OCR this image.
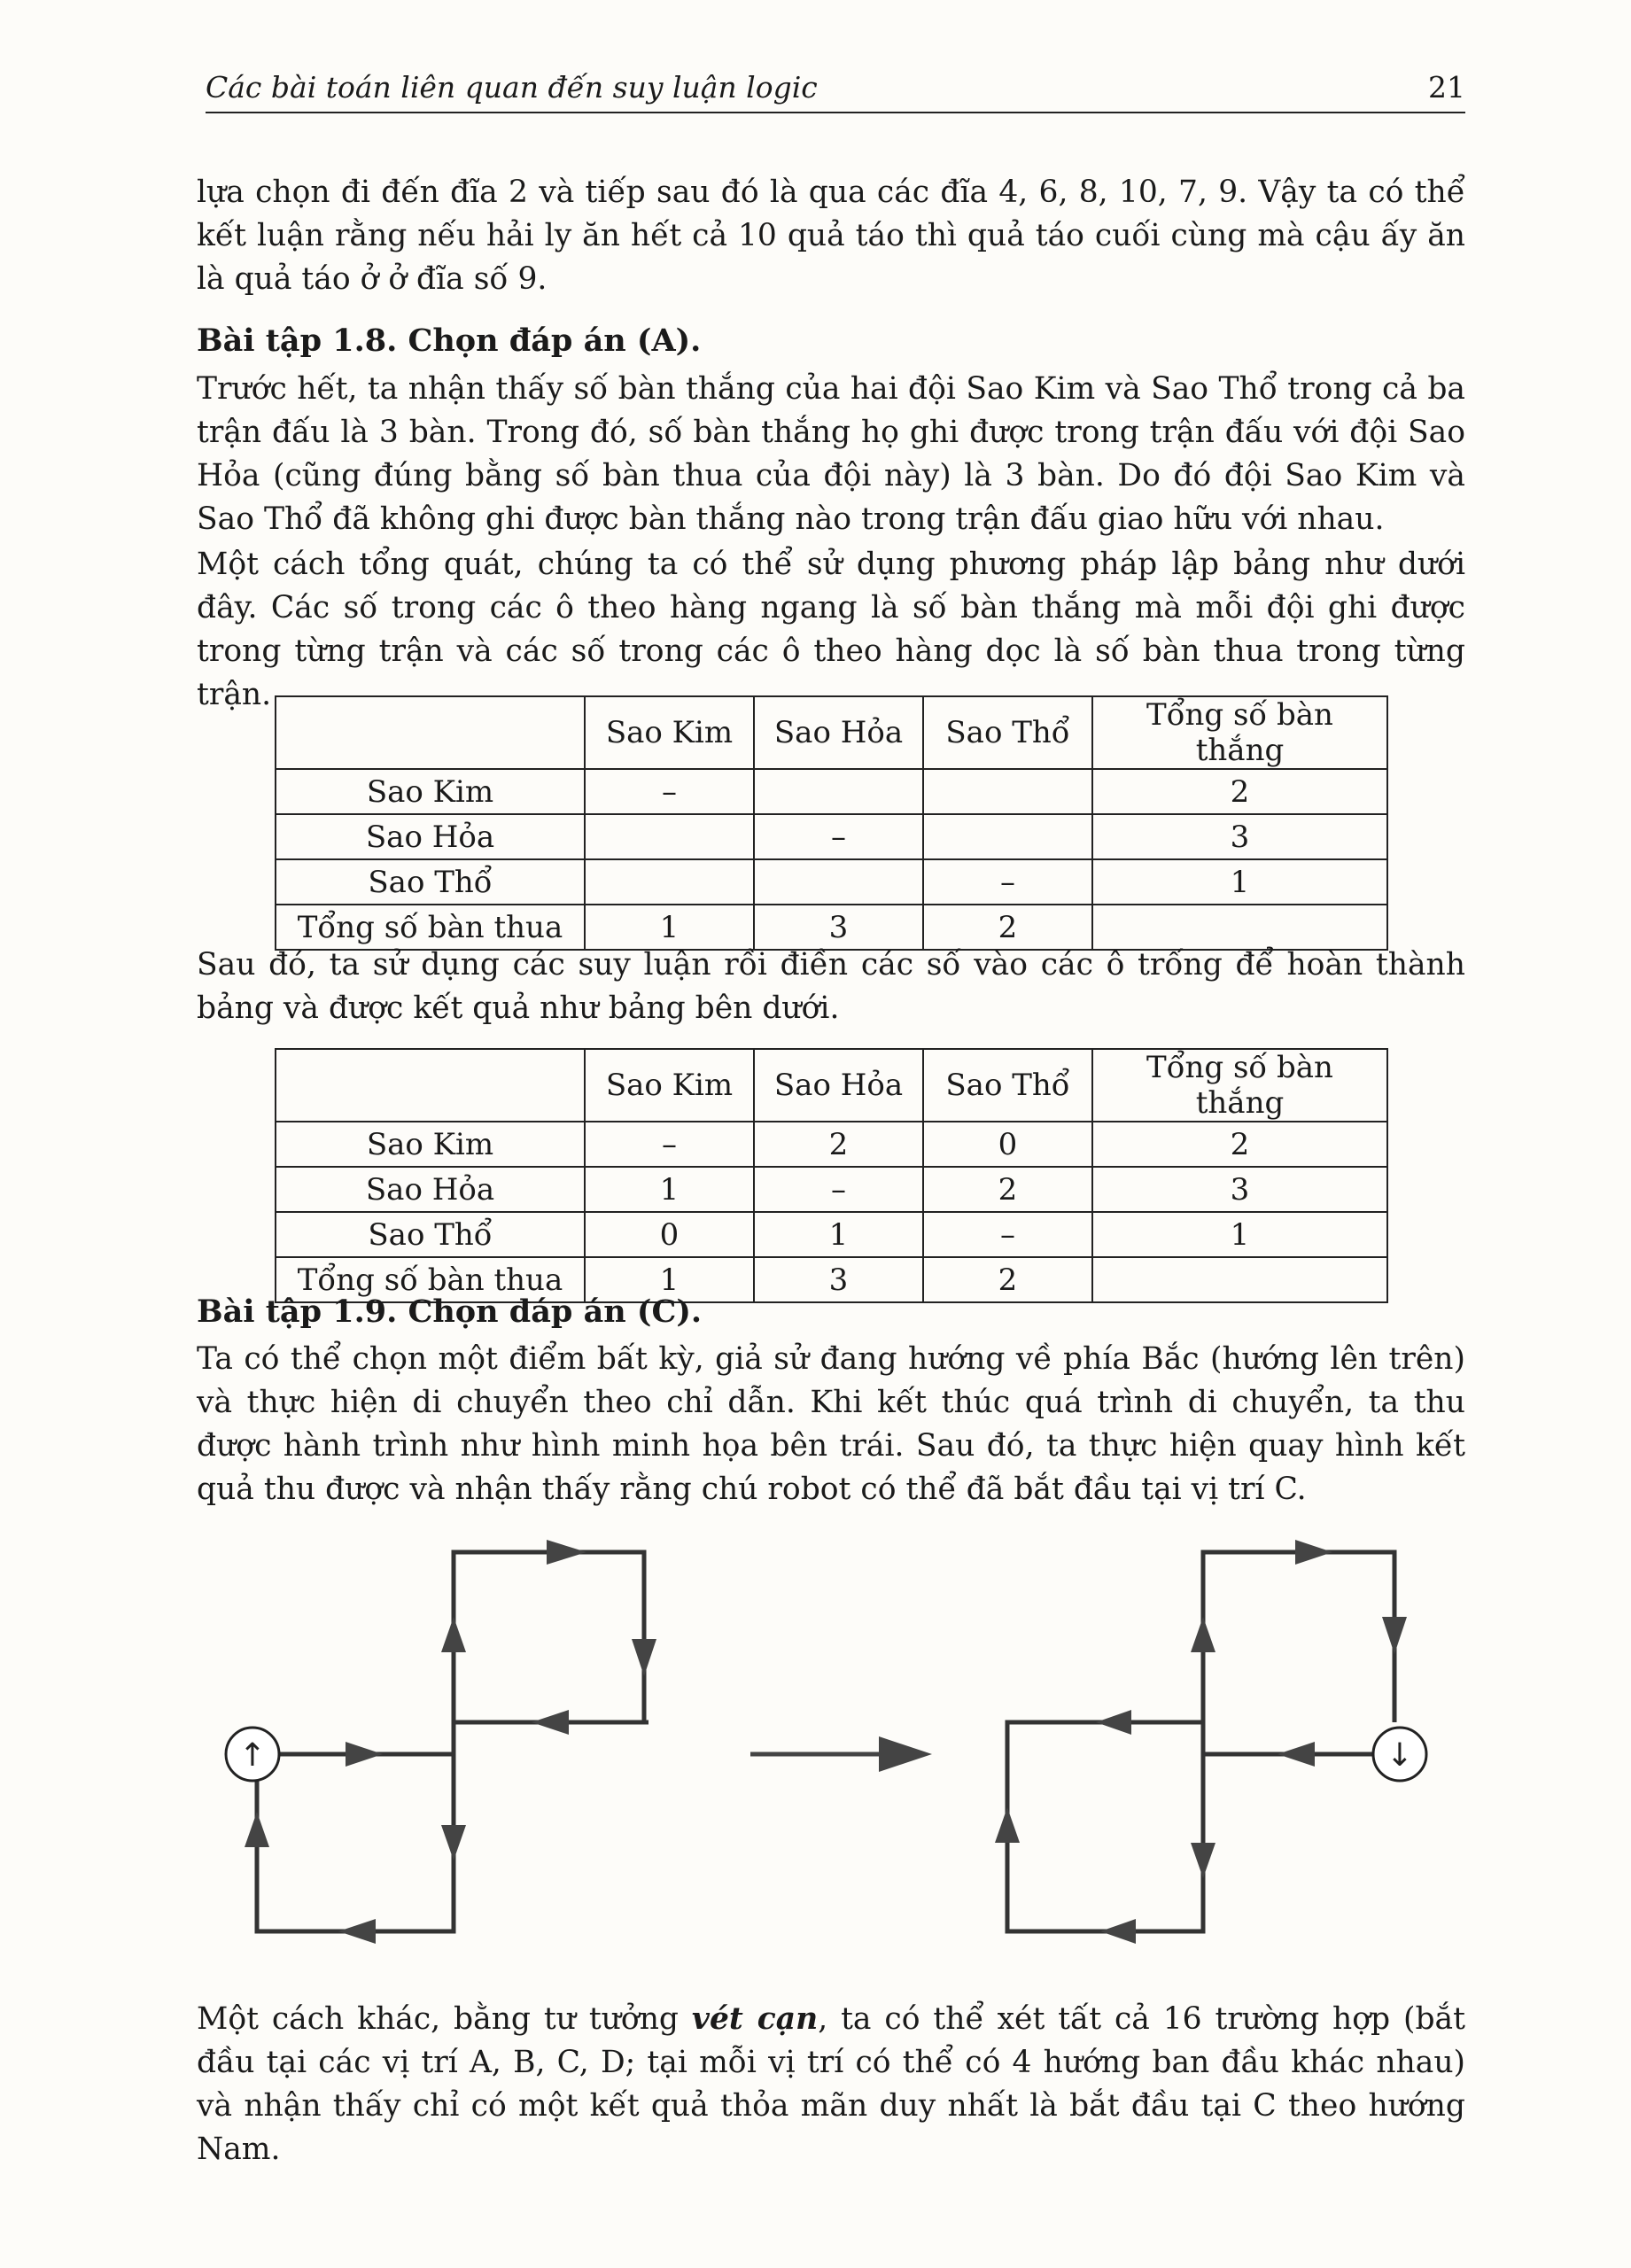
Các bài toán liên quan đến suy luận logic	21

lựa chọn đi đến đĩa 2 và tiếp sau đó là qua các đĩa 4, 6, 8, 10, 7, 9. Vậy ta có thể kết luận rằng nếu hải ly ăn hết cả 10 quả táo thì quả táo cuối cùng mà cậu ấy ăn là quả táo ở ở đĩa số 9.

Bài tập 1.8. Chọn đáp án (A).

Trước hết, ta nhận thấy số bàn thắng của hai đội Sao Kim và Sao Thổ trong cả ba trận đấu là 3 bàn. Trong đó, số bàn thắng họ ghi được trong trận đấu với đội Sao Hỏa (cũng đúng bằng số bàn thua của đội này) là 3 bàn. Do đó đội Sao Kim và Sao Thổ đã không ghi được bàn thắng nào trong trận đấu giao hữu với nhau.

Một cách tổng quát, chúng ta có thể sử dụng phương pháp lập bảng như dưới đây. Các số trong các ô theo hàng ngang là số bàn thắng mà mỗi đội ghi được trong từng trận và các số trong các ô theo hàng dọc là số bàn thua trong từng trận.

	Sao Kim	Sao Hỏa	Sao Thổ	Tổng số bàn thắng
Sao Kim	–			2
Sao Hỏa		–		3
Sao Thổ			–	1
Tổng số bàn thua	1	3	2	

Sau đó, ta sử dụng các suy luận rồi điền các số vào các ô trống để hoàn thành bảng và được kết quả như bảng bên dưới.

	Sao Kim	Sao Hỏa	Sao Thổ	Tổng số bàn thắng
Sao Kim	–	2	0	2
Sao Hỏa	1	–	2	3
Sao Thổ	0	1	–	1
Tổng số bàn thua	1	3	2	

Bài tập 1.9. Chọn đáp án (C).

Ta có thể chọn một điểm bất kỳ, giả sử đang hướng về phía Bắc (hướng lên trên) và thực hiện di chuyển theo chỉ dẫn. Khi kết thúc quá trình di chuyển, ta thu được hành trình như hình minh họa bên trái. Sau đó, ta thực hiện quay hình kết quả thu được và nhận thấy rằng chú robot có thể đã bắt đầu tại vị trí C.

↑	↓

Một cách khác, bằng tư tưởng vét cạn, ta có thể xét tất cả 16 trường hợp (bắt đầu tại các vị trí A, B, C, D; tại mỗi vị trí có thể có 4 hướng ban đầu khác nhau) và nhận thấy chỉ có một kết quả thỏa mãn duy nhất là bắt đầu tại C theo hướng Nam.
